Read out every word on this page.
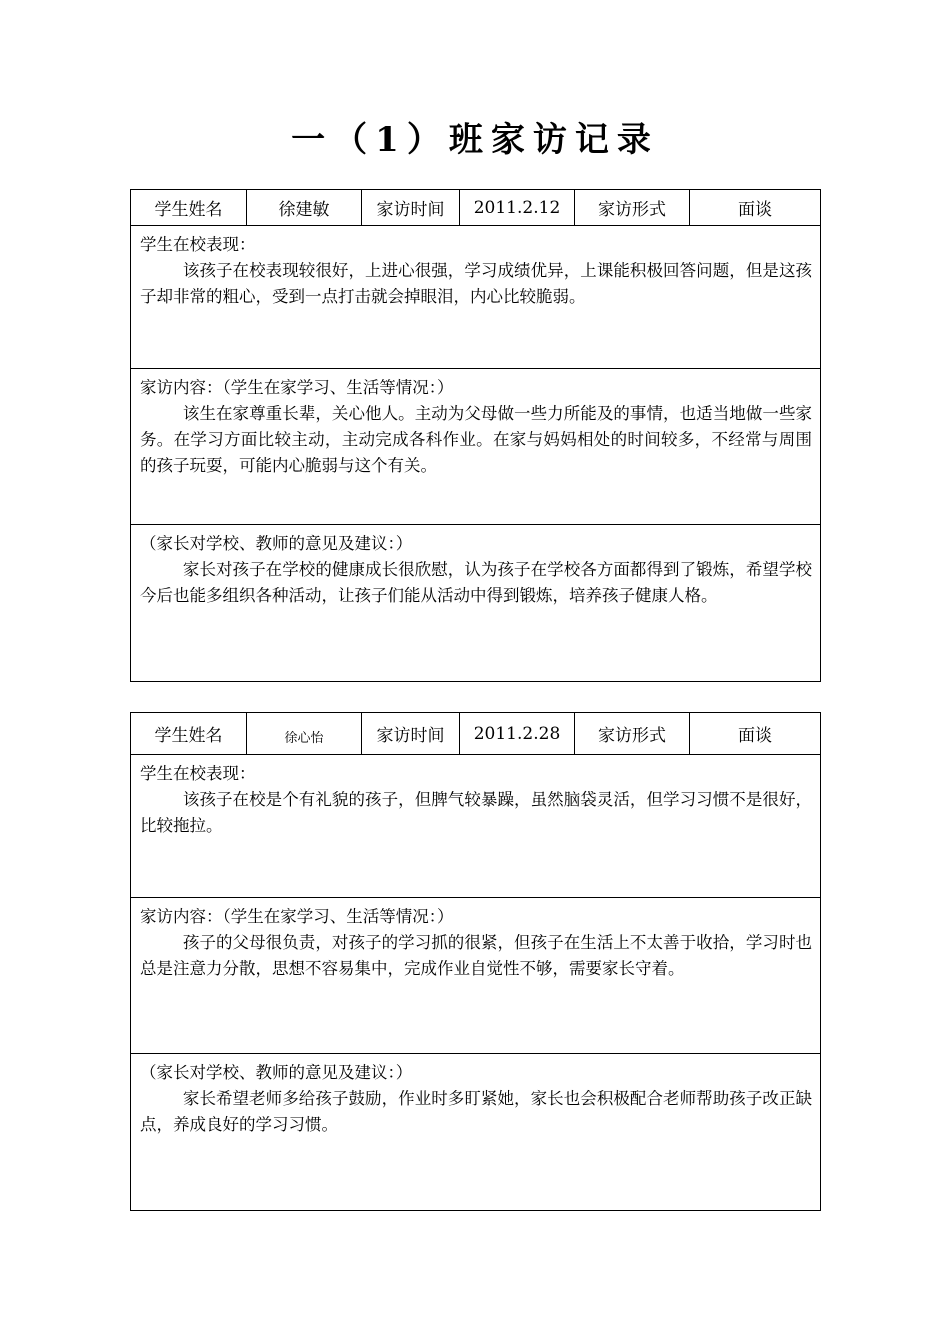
一（1）班家访记录
学生姓名	徐建敏	家访时间	2011.2.12	家访形式	面谈

学生在校表现：
该孩子在校表现较很好，上进心很强，学习成绩优异，上课能积极回答问题，但是这孩子却非常的粗心，受到一点打击就会掉眼泪，内心比较脆弱。

家访内容：（学生在家学习、生活等情况：）
该生在家尊重长辈，关心他人。主动为父母做一些力所能及的事情，也适当地做一些家务。在学习方面比较主动，主动完成各科作业。在家与妈妈相处的时间较多，不经常与周围的孩子玩耍，可能内心脆弱与这个有关。

（家长对学校、教师的意见及建议：）
家长对孩子在学校的健康成长很欣慰，认为孩子在学校各方面都得到了锻炼，希望学校今后也能多组织各种活动，让孩子们能从活动中得到锻炼，培养孩子健康人格。
学生姓名	徐心怡	家访时间	2011.2.28	家访形式	面谈

学生在校表现：
该孩子在校是个有礼貌的孩子，但脾气较暴躁，虽然脑袋灵活，但学习习惯不是很好，比较拖拉。

家访内容：（学生在家学习、生活等情况：）
孩子的父母很负责，对孩子的学习抓的很紧，但孩子在生活上不太善于收拾，学习时也总是注意力分散，思想不容易集中，完成作业自觉性不够，需要家长守着。

（家长对学校、教师的意见及建议：）
家长希望老师多给孩子鼓励，作业时多盯紧她，家长也会积极配合老师帮助孩子改正缺点，养成良好的学习习惯。
